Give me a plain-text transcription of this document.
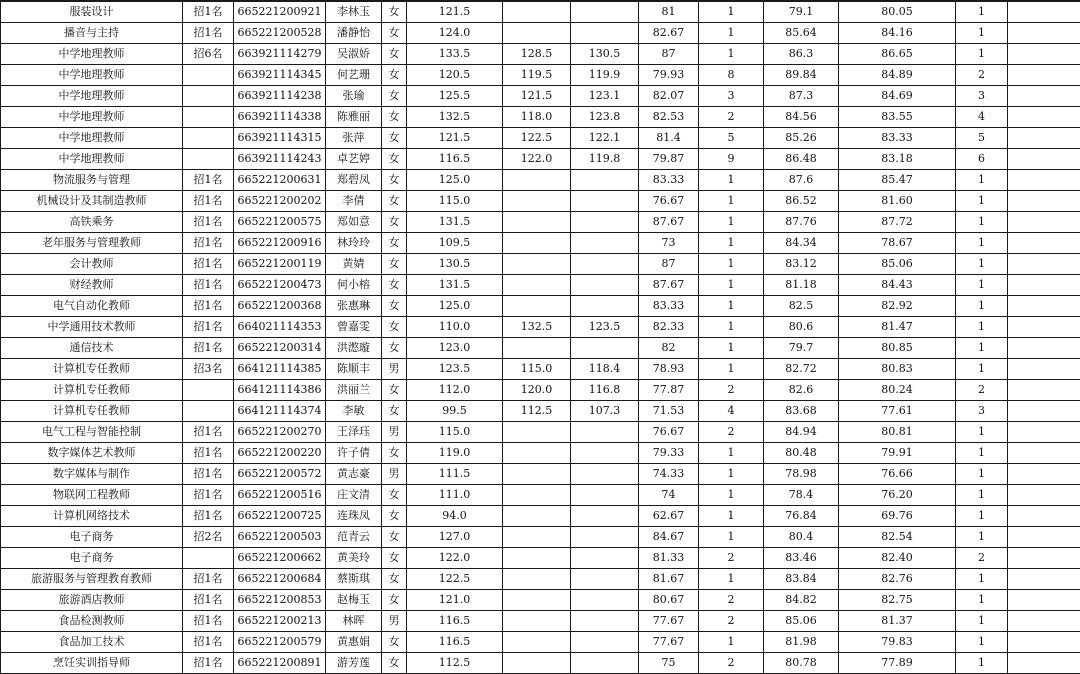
服装设计	招1名	665221200921	李林玉	女	121.5			81	1	79.1	80.05	1	
播音与主持	招1名	665221200528	潘静怡	女	124.0			82.67	1	85.64	84.16	1	
中学地理教师	招6名	663921114279	吴淑娇	女	133.5	128.5	130.5	87	1	86.3	86.65	1	
中学地理教师		663921114345	何艺珊	女	120.5	119.5	119.9	79.93	8	89.84	84.89	2	
中学地理教师		663921114238	张瑜	女	125.5	121.5	123.1	82.07	3	87.3	84.69	3	
中学地理教师		663921114338	陈雅丽	女	132.5	118.0	123.8	82.53	2	84.56	83.55	4	
中学地理教师		663921114315	张萍	女	121.5	122.5	122.1	81.4	5	85.26	83.33	5	
中学地理教师		663921114243	卓艺婷	女	116.5	122.0	119.8	79.87	9	86.48	83.18	6	
物流服务与管理	招1名	665221200631	郑碧凤	女	125.0			83.33	1	87.6	85.47	1	
机械设计及其制造教师	招1名	665221200202	李倩	女	115.0			76.67	1	86.52	81.60	1	
高铁乘务	招1名	665221200575	郑如意	女	131.5			87.67	1	87.76	87.72	1	
老年服务与管理教师	招1名	665221200916	林玲玲	女	109.5			73	1	84.34	78.67	1	
会计教师	招1名	665221200119	黄婧	女	130.5			87	1	83.12	85.06	1	
财经教师	招1名	665221200473	何小榕	女	131.5			87.67	1	81.18	84.43	1	
电气自动化教师	招1名	665221200368	张惠琳	女	125.0			83.33	1	82.5	82.92	1	
中学通用技术教师	招1名	664021114353	曾嘉雯	女	110.0	132.5	123.5	82.33	1	80.6	81.47	1	
通信技术	招1名	665221200314	洪滺璇	女	123.0			82	1	79.7	80.85	1	
计算机专任教师	招3名	664121114385	陈顺丰	男	123.5	115.0	118.4	78.93	1	82.72	80.83	1	
计算机专任教师		664121114386	洪丽兰	女	112.0	120.0	116.8	77.87	2	82.6	80.24	2	
计算机专任教师		664121114374	李敏	女	99.5	112.5	107.3	71.53	4	83.68	77.61	3	
电气工程与智能控制	招1名	665221200270	王泽珏	男	115.0			76.67	2	84.94	80.81	1	
数字媒体艺术教师	招1名	665221200220	许子倩	女	119.0			79.33	1	80.48	79.91	1	
数字媒体与制作	招1名	665221200572	黄志豪	男	111.5			74.33	1	78.98	76.66	1	
物联网工程教师	招1名	665221200516	庄文清	女	111.0			74	1	78.4	76.20	1	
计算机网络技术	招1名	665221200725	连珠凤	女	94.0			62.67	1	76.84	69.76	1	
电子商务	招2名	665221200503	范青云	女	127.0			84.67	1	80.4	82.54	1	
电子商务		665221200662	黄美玲	女	122.0			81.33	2	83.46	82.40	2	
旅游服务与管理教育教师	招1名	665221200684	蔡斯琪	女	122.5			81.67	1	83.84	82.76	1	
旅游酒店教师	招1名	665221200853	赵梅玉	女	121.0			80.67	2	84.82	82.75	1	
食品检测教师	招1名	665221200213	林晖	男	116.5			77.67	2	85.06	81.37	1	
食品加工技术	招1名	665221200579	黄惠娟	女	116.5			77.67	1	81.98	79.83	1	
烹饪实训指导师	招1名	665221200891	游芳莲	女	112.5			75	2	80.78	77.89	1	
